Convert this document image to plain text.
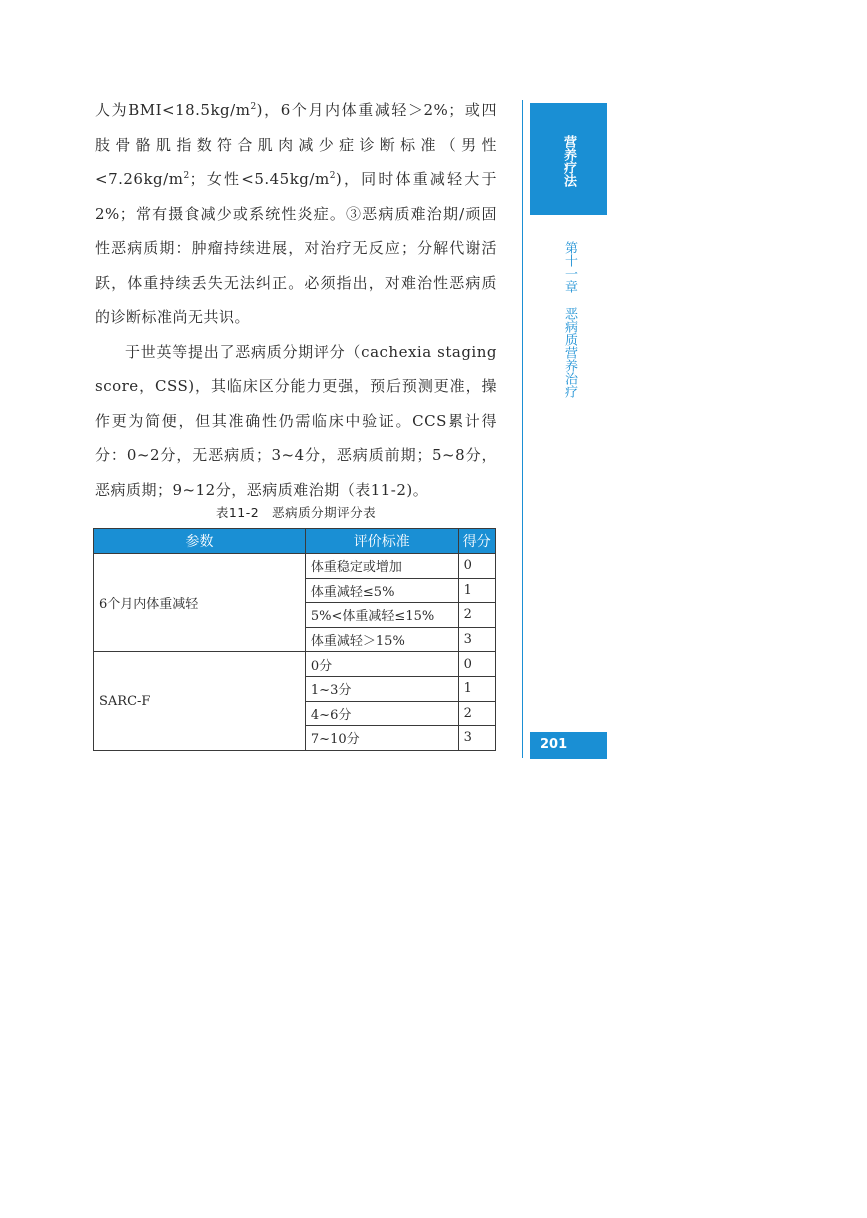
人为$BMI<18.5kg/m^2$)，6个月内体重减轻＞2%；或四肢骨骼肌指数符合肌肉减少症诊断标准（男性$<7.26kg/m^2$；女性$<5.45kg/m^2$)，同时体重减轻大于2%；常有摄食减少或系统性炎症。③恶病质难治期/顽固性恶病质期：肿瘤持续进展，对治疗无反应；分解代谢活跃，体重持续丢失无法纠正。必须指出，对难治性恶病质的诊断标准尚无共识。

于世英等提出了恶病质分期评分（cachexia staging score，CSS)，其临床区分能力更强，预后预测更准，操作更为简便，但其准确性仍需临床中验证。CCS累计得分：0~2分，无恶病质；3~4分，恶病质前期；5~8分，恶病质期；9~12分，恶病质难治期（表11-2)。

表11-2　恶病质分期评分表
参数	评价标准	得分
6个月内体重减轻	体重稳定或增加	0
	体重减轻≤5%	1
	5%<体重减轻≤15%	2
	体重减轻＞15%	3
SARC-F	0分	0
	1~3分	1
	4~6分	2
	7~10分	3
营养疗法
第十一章恶病质营养治疗
201
